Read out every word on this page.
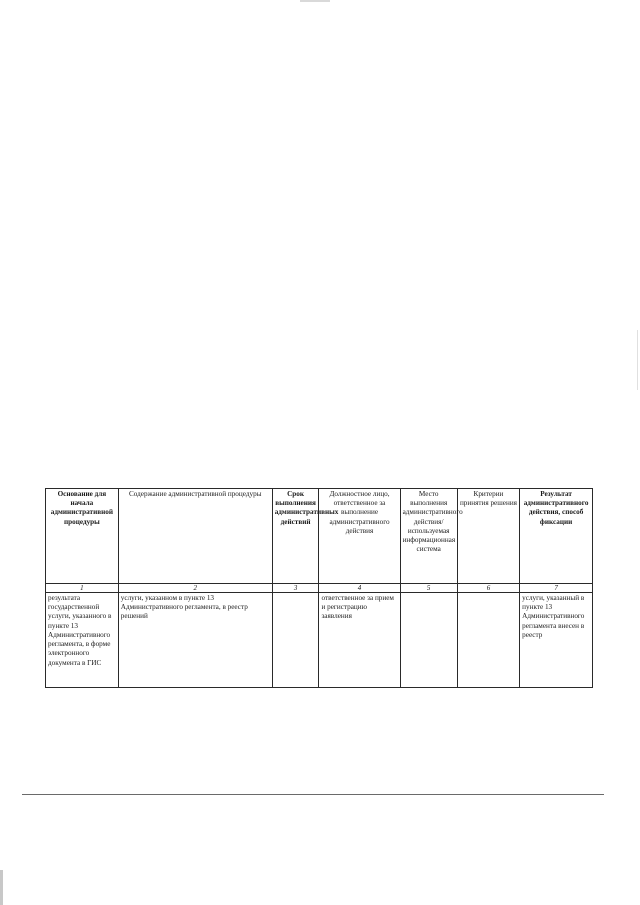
Основание для начала административной процедуры	Содержание административной процедуры	Срок выполнения административных действий	Должностное лицо, ответственное за выполнение административного действия	Место выполнения административного действия/ используемая информационная система	Критерии принятия решения	Результат административного действия, способ фиксации
1	2	3	4	5	6	7
результата государственной услуги, указанного в пункте 13 Административного регламента, в форме электронного документа в ГИС	услуги, указанном в пункте 13 Административного регламента, в реестр решений		ответственное за прием и регистрацию заявления			услуги, указанный в пункте 13 Административного регламента внесен в реестр
